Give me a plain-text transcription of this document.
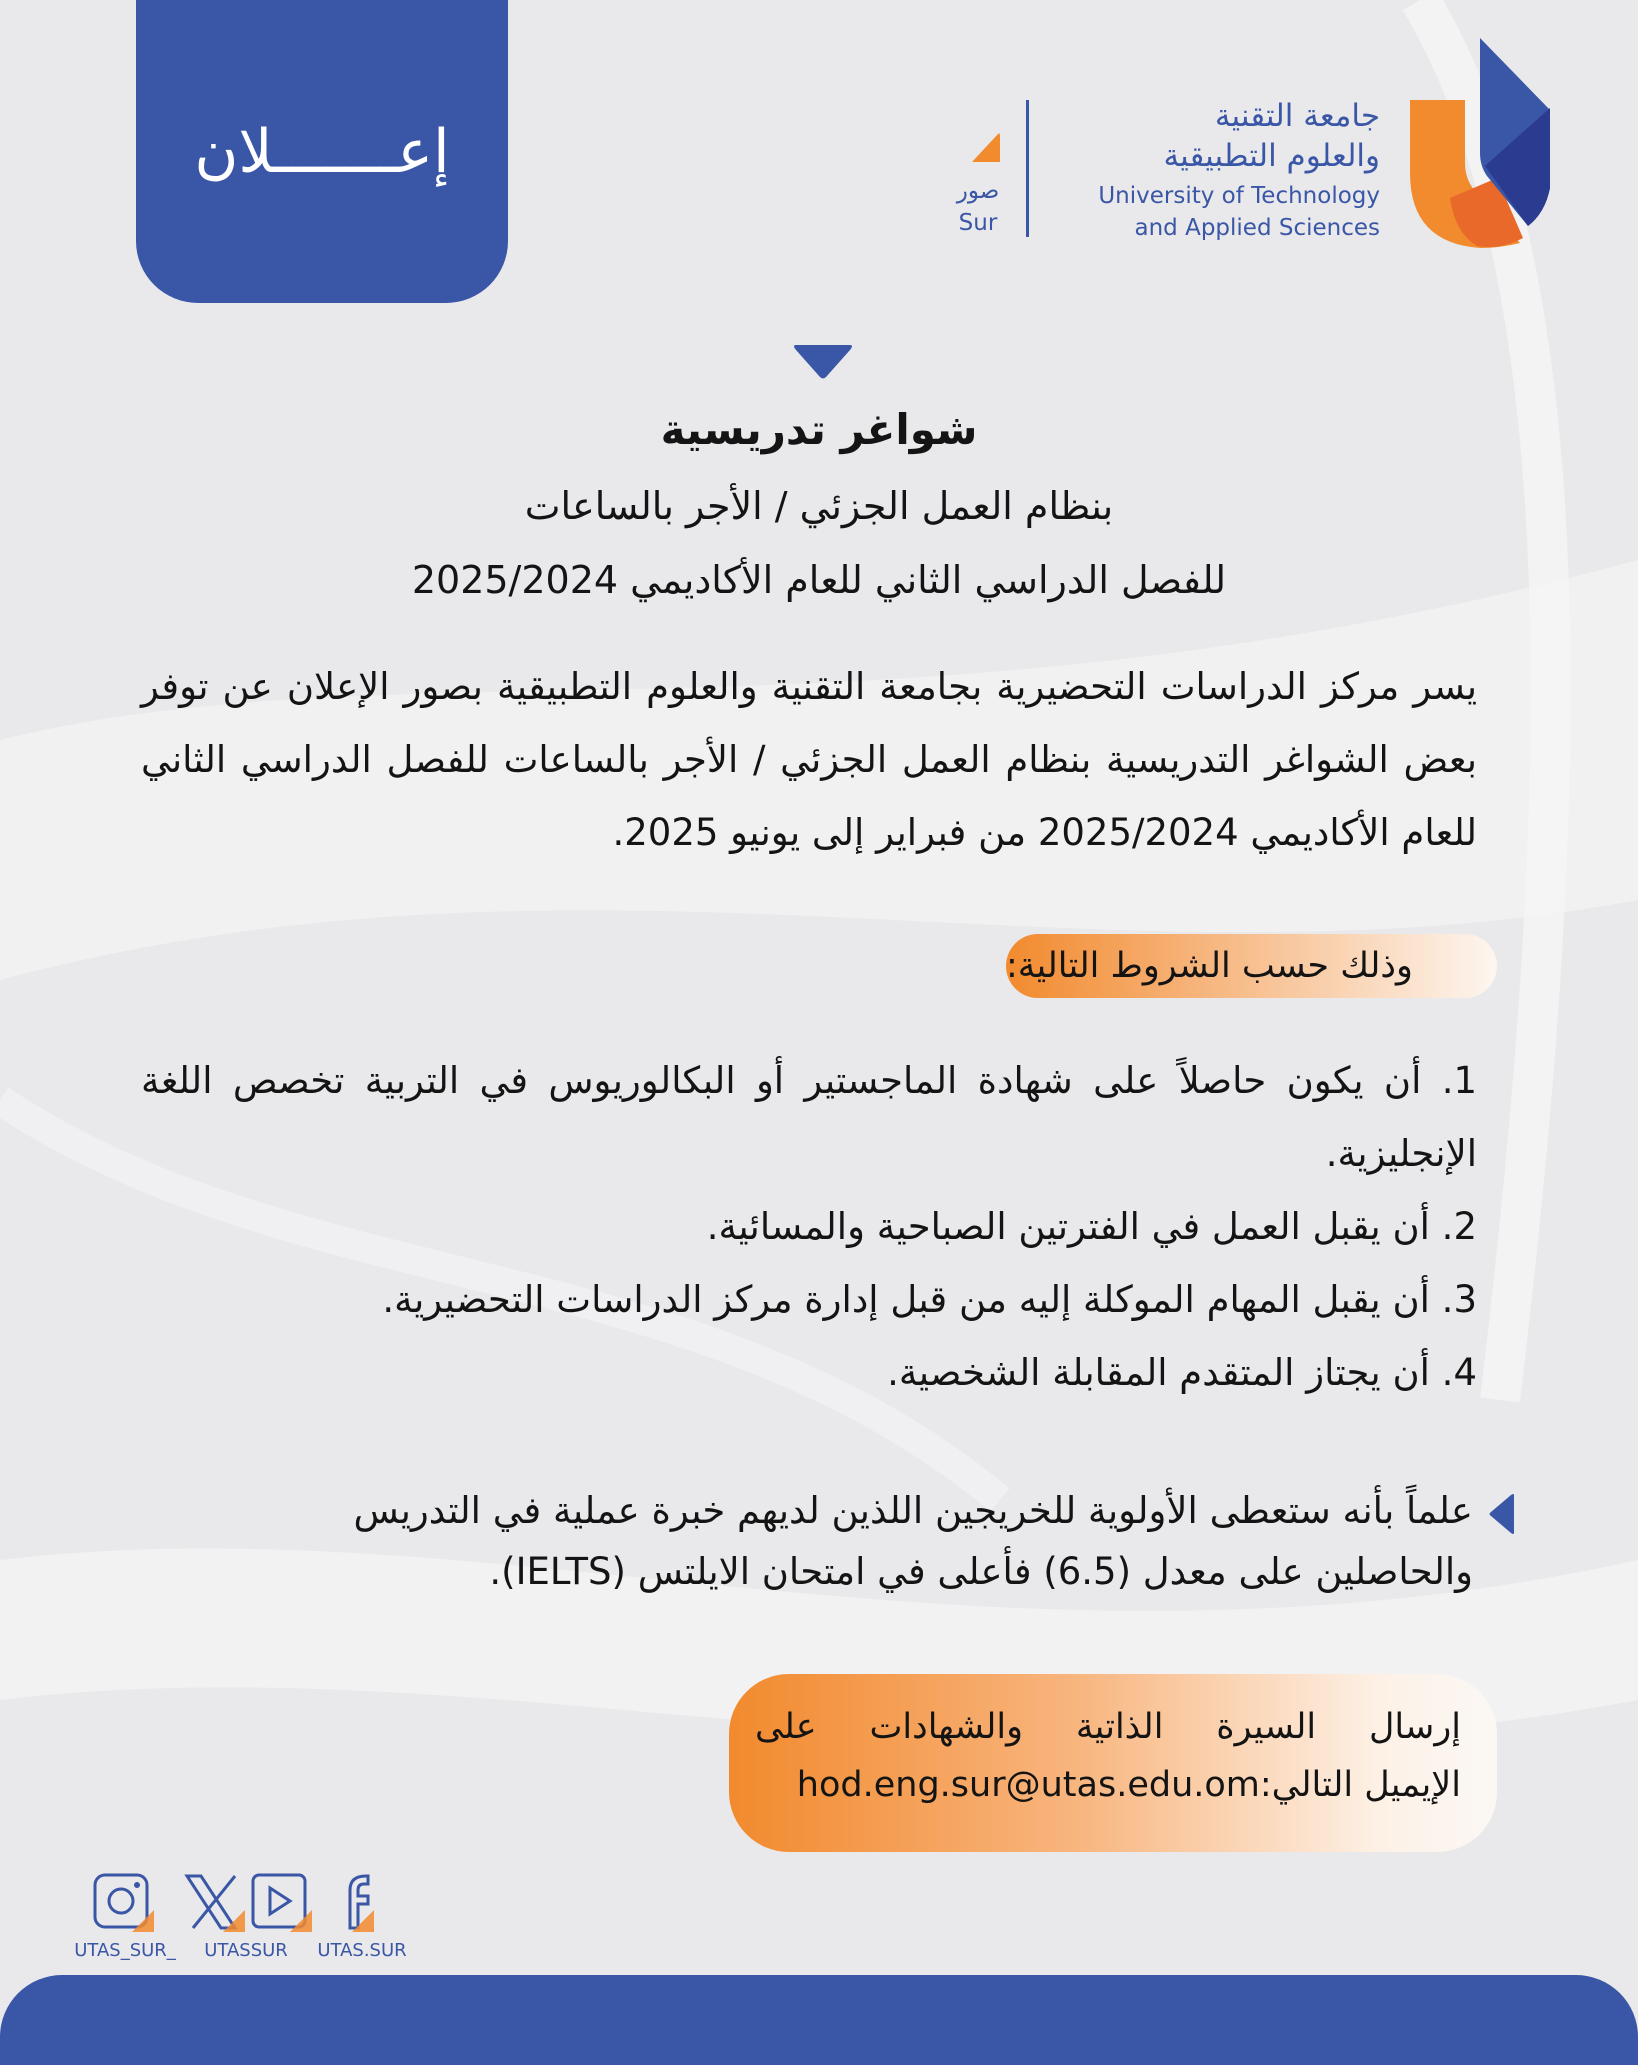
إعـــــــلان
جامعة التقنية
والعلوم التطبيقية
University of Technology
and Applied Sciences
صور
Sur
شواغر تدريسية
بنظام العمل الجزئي / الأجر بالساعات
للفصل الدراسي الثاني للعام الأكاديمي 2025/2024
يسر مركز الدراسات التحضيرية بجامعة التقنية والعلوم التطبيقية بصور الإعلان عن توفر بعض الشواغر التدريسية بنظام العمل الجزئي / الأجر بالساعات للفصل الدراسي الثاني للعام الأكاديمي 2025/2024 من فبراير إلى يونيو 2025.
وذلك حسب الشروط التالية:
1. أن يكون حاصلاً على شهادة الماجستير أو البكالوريوس في التربية تخصص اللغة الإنجليزية.
2. أن يقبل العمل في الفترتين الصباحية والمسائية.
3. أن يقبل المهام الموكلة إليه من قبل إدارة مركز الدراسات التحضيرية.
4. أن يجتاز المتقدم المقابلة الشخصية.
علماً بأنه ستعطى الأولوية للخريجين اللذين لديهم خبرة عملية في التدريس والحاصلين على معدل (6.5) فأعلى في امتحان الايلتس (IELTS).
إرسال السيرة الذاتية والشهادات على
الإيميل التالي:hod.eng.sur@utas.edu.om
UTAS_SUR_	UTASSUR	UTAS.SUR
